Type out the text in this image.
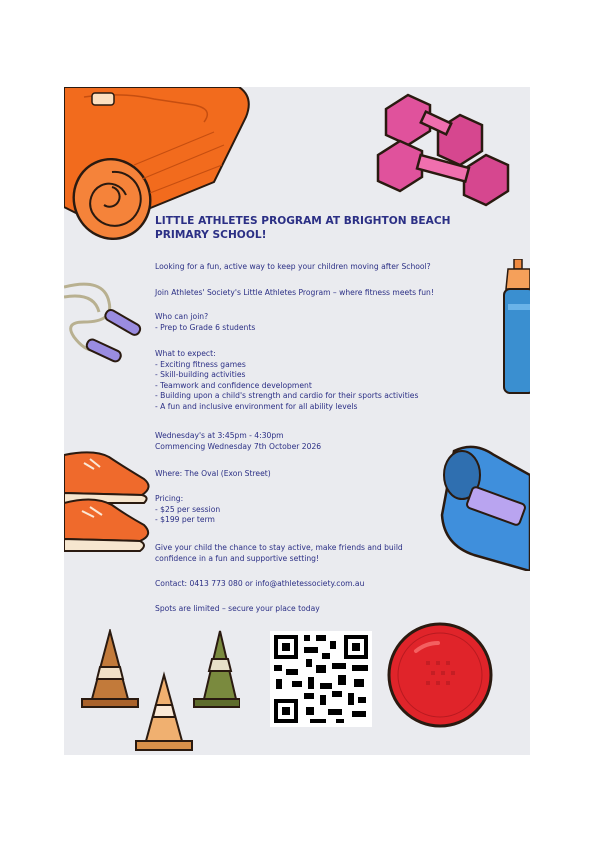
LITTLE ATHLETES PROGRAM AT BRIGHTON BEACH
PRIMARY SCHOOL!
Looking for a fun, active way to keep your children moving after School?
Join Athletes' Society's Little Athletes Program – where fitness meets fun!
Who can join?
- Prep to Grade 6 students
What to expect:
- Exciting fitness games
- Skill-building activities
- Teamwork and confidence development
- Building upon a child's strength and cardio for their sports activities
- A fun and inclusive environment for all ability levels
Wednesday's at 3:45pm - 4:30pm
Commencing Wednesday 7th October 2026
Where: The Oval (Exon Street)
Pricing:
- $25 per session
- $199 per term
Give your child the chance to stay active, make friends and build
confidence in a fun and supportive setting!
Contact: 0413 773 080 or info@athletessociety.com.au
Spots are limited – secure your place today
